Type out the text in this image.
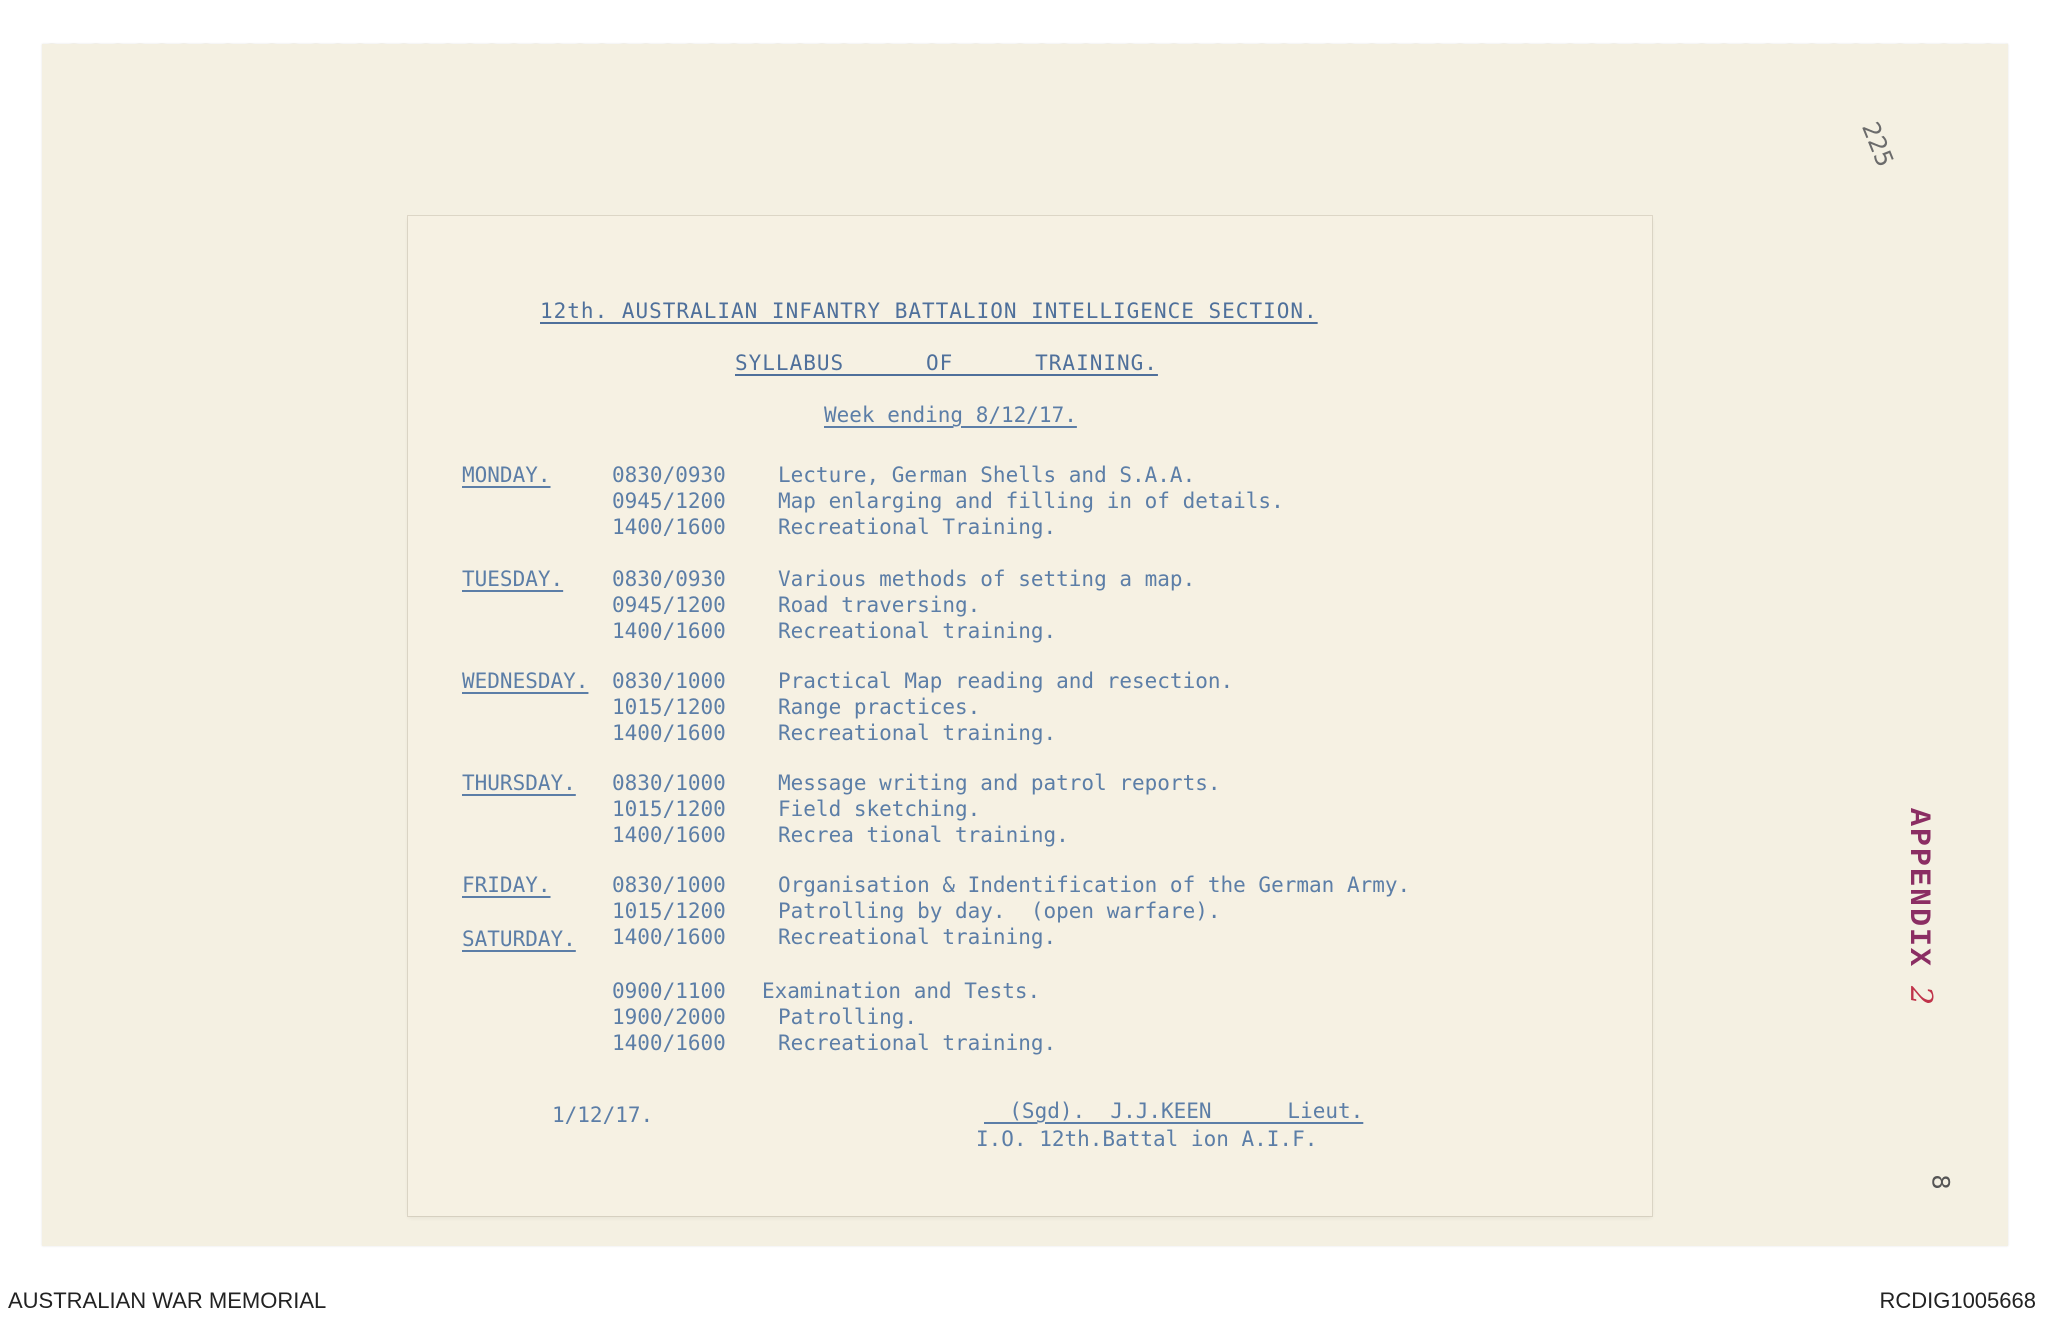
225
APPENDIX2
8
12th. AUSTRALIAN INFANTRY BATTALION INTELLIGENCE SECTION.
SYLLABUS      OF      TRAINING.
Week ending 8/12/17.
MONDAY.	0830/0930 Lecture, German Shells and S.A.A.
0945/1200 Map enlarging and filling in of details.
1400/1600 Recreational Training.
TUESDAY. 0830/0930 Various methods of setting a map.
0945/1200 Road traversing.
1400/1600 Recreational training.
WEDNESDAY. 0830/1000 Practical Map reading and resection.
1015/1200 Range practices.
1400/1600 Recreational training.
THURSDAY. 0830/1000 Message writing and patrol reports.
1015/1200 Field sketching.
1400/1600 Recrea tional training.
FRIDAY.	0830/1000 Organisation & Indentification of the German Army.
1015/1200 Patrolling by day.  (open warfare).
1400/1600 Recreational training.
SATURDAY.
0900/1100 Examination and Tests.
1900/2000 Patrolling.
1400/1600 Recreational training.
1/12/17.	(Sgd).  J.J.KEEN      Lieut.
I.O. 12th.Battal ion A.I.F.
AUSTRALIAN WAR MEMORIAL	RCDIG1005668
